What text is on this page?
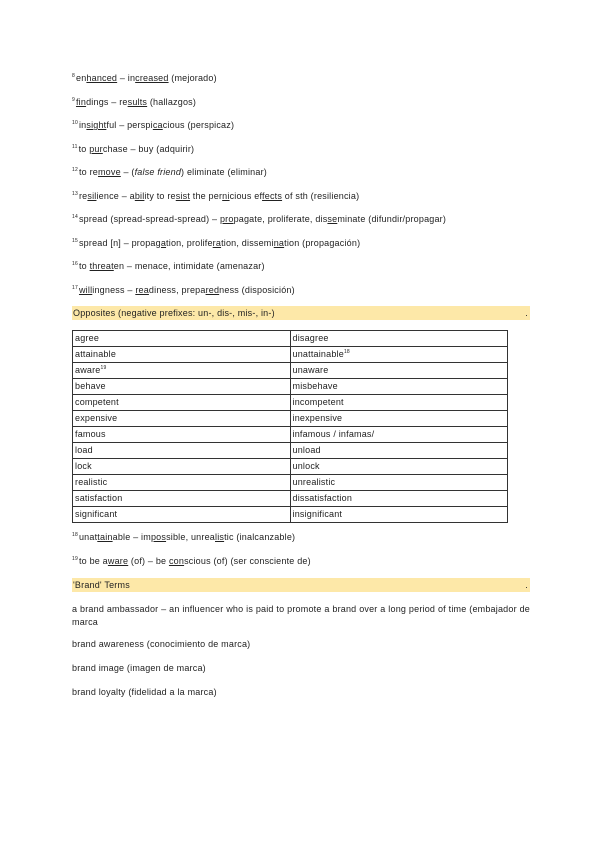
$^8$enhanced – increased (mejorado)
$^9$findings – results (hallazgos)
$^{10}$insightful – perspicacious (perspicaz)
$^{11}$to purchase – buy (adquirir)
$^{12}$to remove – (false friend) eliminate (eliminar)
$^{13}$resilience – ability to resist the pernicious effects of sth (resiliencia)
$^{14}$spread (spread-spread-spread) – propagate, proliferate, disseminate (difundir/propagar)
$^{15}$spread [n] – propagation, proliferation, dissemination (propagación)
$^{16}$to threaten – menace, intimidate (amenazar)
$^{17}$willingness – readiness, preparedness (disposición)
Opposites (negative prefixes: un-, dis-, mis-, in-)	.
agree	disagree
attainable	unattainable$^{18}$
aware$^{19}$	unaware
behave	misbehave
competent	incompetent
expensive	inexpensive
famous	infamous / infamas/
load	unload
lock	unlock
realistic	unrealistic
satisfaction	dissatisfaction
significant	insignificant
$^{18}$unattainable – impossible, unrealistic (inalcanzable)
$^{19}$to be aware (of) – be conscious (of) (ser consciente de)
'Brand' Terms	.
a brand ambassador – an influencer who is paid to promote a brand over a long period of time (embajador de marca
brand awareness (conocimiento de marca)
brand image (imagen de marca)
brand loyalty (fidelidad a la marca)
